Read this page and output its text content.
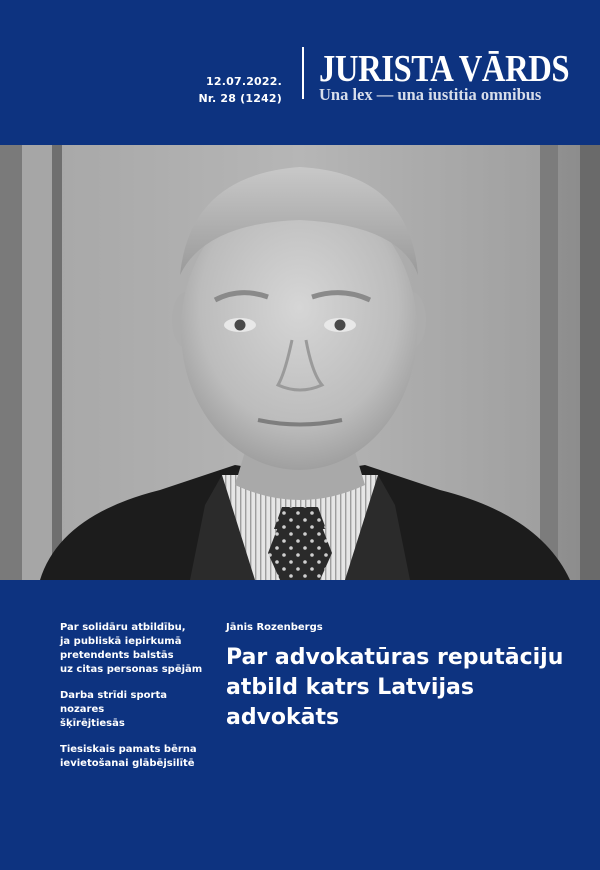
12.07.2022.
Nr. 28 (1242)
JURISTA VĀRDS
Una lex — una iustitia omnibus
Par solidāru atbildību,
ja publiskā iepirkumā
pretendents balstās
uz citas personas spējām
Darba strīdi sporta nozares
šķīrējtiesās
Tiesiskais pamats bērna
ievietošanai glābējsilītē
Jānis Rozenbergs
Par advokatūras reputāciju
atbild katrs Latvijas
advokāts
